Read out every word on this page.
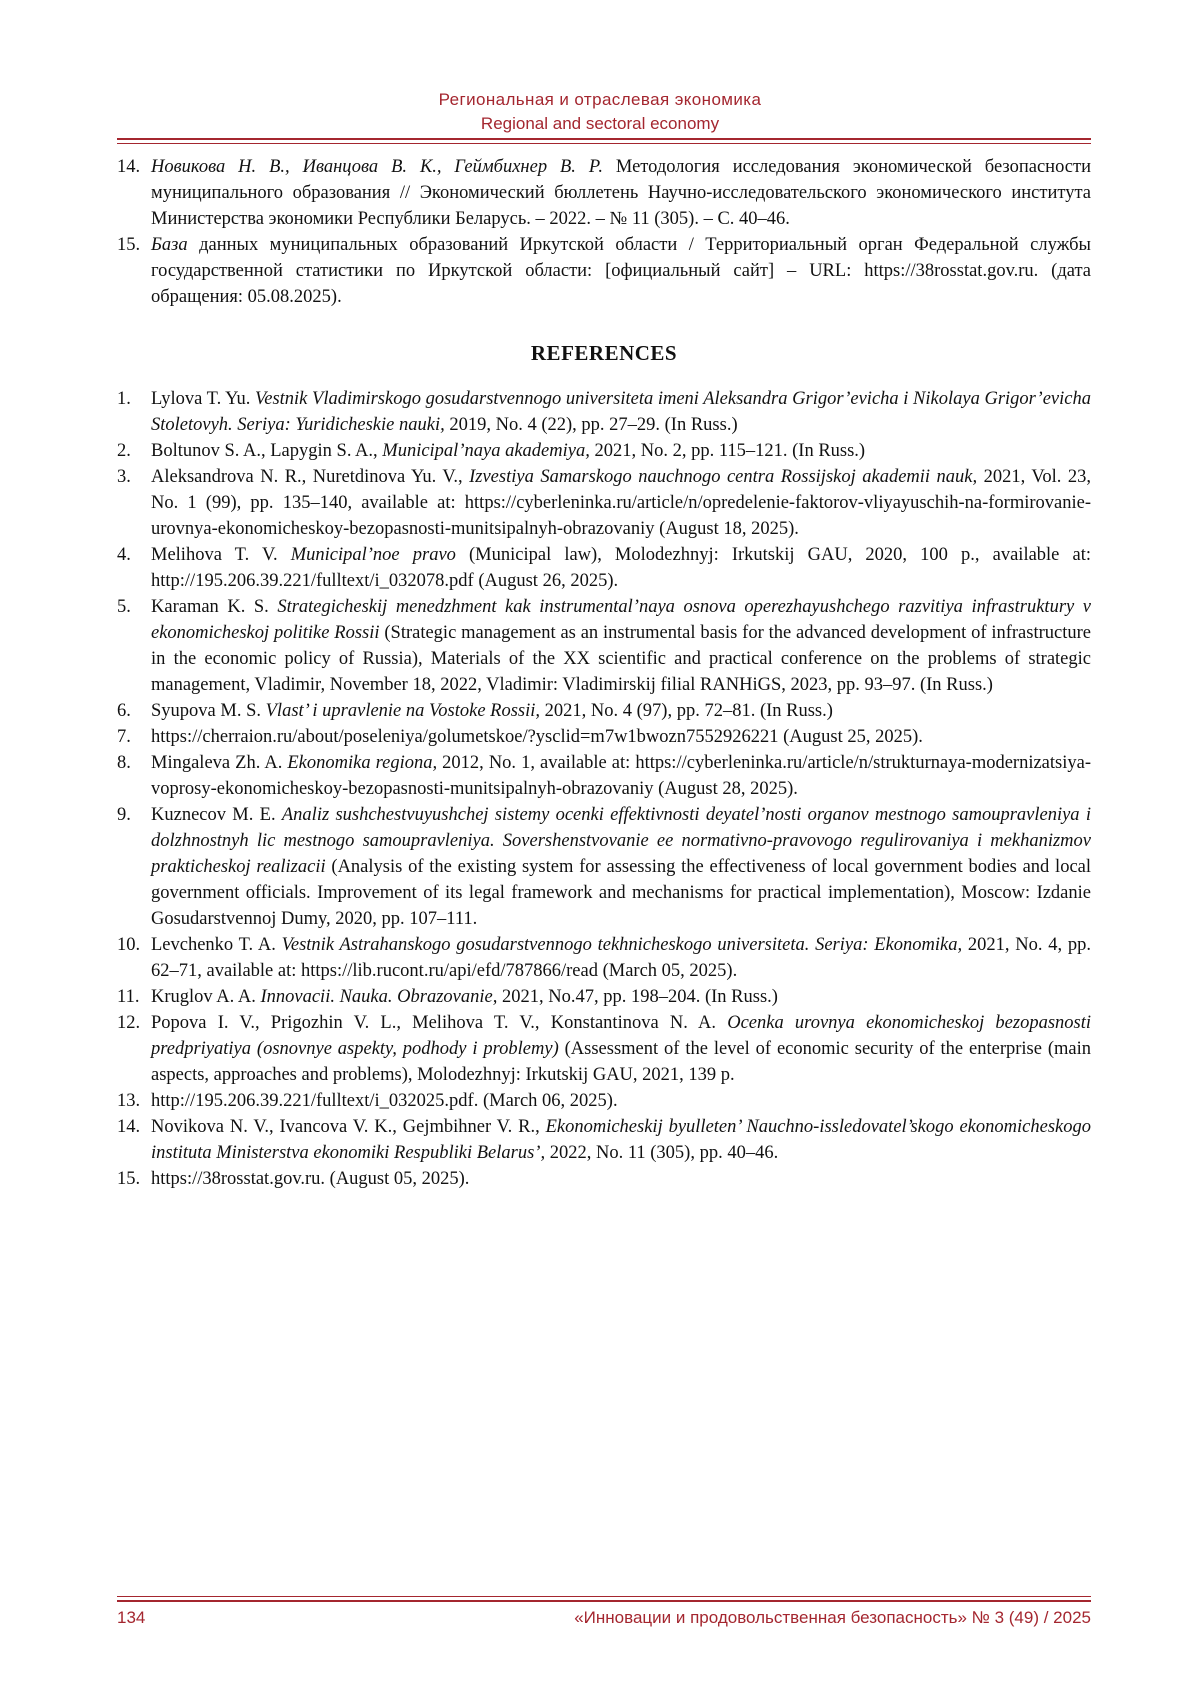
Региональная и отраслевая экономика
Regional and sectoral economy
14. Новикова Н. В., Иванцова В. К., Геймбихнер В. Р. Методология исследования экономической безопасности муниципального образования // Экономический бюллетень Научно-исследовательского экономического института Министерства экономики Республики Беларусь. – 2022. – № 11 (305). – С. 40–46.
15. База данных муниципальных образований Иркутской области / Территориальный орган Федеральной службы государственной статистики по Иркутской области: [официальный сайт] – URL: https://38rosstat.gov.ru. (дата обращения: 05.08.2025).
REFERENCES
1. Lylova T. Yu. Vestnik Vladimirskogo gosudarstvennogo universiteta imeni Aleksandra Grigor’evicha i Nikolaya Grigor’evicha Stoletovyh. Seriya: Yuridicheskie nauki, 2019, No. 4 (22), pp. 27–29. (In Russ.)
2. Boltunov S. A., Lapygin S. A., Municipal’naya akademiya, 2021, No. 2, pp. 115–121. (In Russ.)
3. Aleksandrova N. R., Nuretdinova Yu. V., Izvestiya Samarskogo nauchnogo centra Rossijskoj akademii nauk, 2021, Vol. 23, No. 1 (99), pp. 135–140, available at: https://cyberleninka.ru/article/n/opredelenie-faktorov-vliyayuschih-na-formirovanie-urovnya-ekonomicheskoy-bezopasnosti-munitsipalnyh-obrazovaniy (August 18, 2025).
4. Melihova T. V. Municipal’noe pravo (Municipal law), Molodezhnyj: Irkutskij GAU, 2020, 100 p., available at: http://195.206.39.221/fulltext/i_032078.pdf (August 26, 2025).
5. Karaman K. S. Strategicheskij menedzhment kak instrumental’naya osnova operezhayushchego razvitiya infrastruktury v ekonomicheskoj politike Rossii (Strategic management as an instrumental basis for the advanced development of infrastructure in the economic policy of Russia), Materials of the XX scientific and practical conference on the problems of strategic management, Vladimir, November 18, 2022, Vladimir: Vladimirskij filial RANHiGS, 2023, pp. 93–97. (In Russ.)
6. Syupova M. S. Vlast’ i upravlenie na Vostoke Rossii, 2021, No. 4 (97), pp. 72–81. (In Russ.)
7. https://cherraion.ru/about/poseleniya/golumetskoe/?ysclid=m7w1bwozn7552926221 (August 25, 2025).
8. Mingaleva Zh. A. Ekonomika regiona, 2012, No. 1, available at: https://cyberleninka.ru/article/n/strukturnaya-modernizatsiya-voprosy-ekonomicheskoy-bezopasnosti-munitsipalnyh-obrazovaniy (August 28, 2025).
9. Kuznecov M. E. Analiz sushchestvuyushchej sistemy ocenki effektivnosti deyatel’nosti organov mestnogo samoupravleniya i dolzhnostnyh lic mestnogo samoupravleniya. Sovershenstvovanie ee normativno-pravovogo regulirovaniya i mekhanizmov prakticheskoj realizacii (Analysis of the existing system for assessing the effectiveness of local government bodies and local government officials. Improvement of its legal framework and mechanisms for practical implementation), Moscow: Izdanie Gosudarstvennoj Dumy, 2020, pp. 107–111.
10. Levchenko T. A. Vestnik Astrahanskogo gosudarstvennogo tekhnicheskogo universiteta. Seriya: Ekonomika, 2021, No. 4, pp. 62–71, available at: https://lib.rucont.ru/api/efd/787866/read (March 05, 2025).
11. Kruglov A. A. Innovacii. Nauka. Obrazovanie, 2021, No.47, pp. 198–204. (In Russ.)
12. Popova I. V., Prigozhin V. L., Melihova T. V., Konstantinova N. A. Ocenka urovnya ekonomicheskoj bezopasnosti predpriyatiya (osnovnye aspekty, podhody i problemy) (Assessment of the level of economic security of the enterprise (main aspects, approaches and problems), Molodezhnyj: Irkutskij GAU, 2021, 139 p.
13. http://195.206.39.221/fulltext/i_032025.pdf. (March 06, 2025).
14. Novikova N. V., Ivancova V. K., Gejmbihner V. R., Ekonomicheskij byulleten’ Nauchno-issledovatel’skogo ekonomicheskogo instituta Ministerstva ekonomiki Respubliki Belarus’, 2022, No. 11 (305), pp. 40–46.
15. https://38rosstat.gov.ru. (August 05, 2025).
134	«Инновации и продовольственная безопасность» № 3 (49) / 2025
